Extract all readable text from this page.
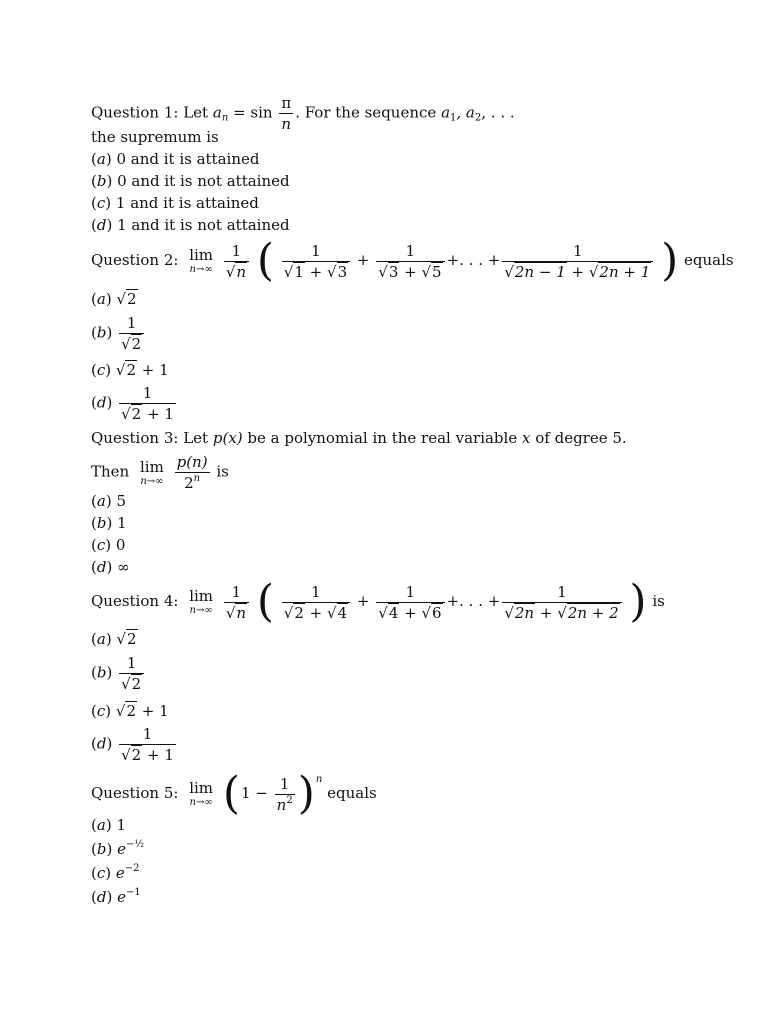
Question 1: Let $a_n = \sin \frac{\pi}{n}$ . For the sequence $a_1$, $a_2$, . . .
the supremum is
(a) 0 and it is attained
(b) 0 and it is not attained
(c) 1 and it is attained
(d) 1 and it is not attained
Question 2: lim
n→∞
$\frac{1}{√n}$ ( $\frac{1}{√1 + √3} + \frac{1}{√3 + √5}$ +. . . + $\frac{1}{√2n - 1 + √2n + 1}$ ) equals
(a) √2
$(b) \frac{1}{√2}$
(c) √2 + 1
$(d) \frac{1}{√2 + 1}$
Question 3: Let p(x) be a polynomial in the real variable x of degree 5.
Then lim
n→∞
$\frac{p(n)}{2^n}$ is
(a) 5
(b) 1
(c) 0
(d) ∞
Question 4: lim
n→∞
$\frac{1}{√n}$ ( $\frac{1}{√2 + √4} + \frac{1}{√4 + √6}$ +. . . + $\frac{1}{√2n + √2n + 2}$ ) is
(a) √2
$(b) \frac{1}{√2}$
(c) √2 + 1
$(d) \frac{1}{√2 + 1}$
Question 5: lim
n→∞ $(1 - \frac{1}{n^2} )^n$ equals
(a) 1
(b) $e^{-\frac{1}{2}}$
(c) $e^{-2}$
(d) $e^{-1}$
